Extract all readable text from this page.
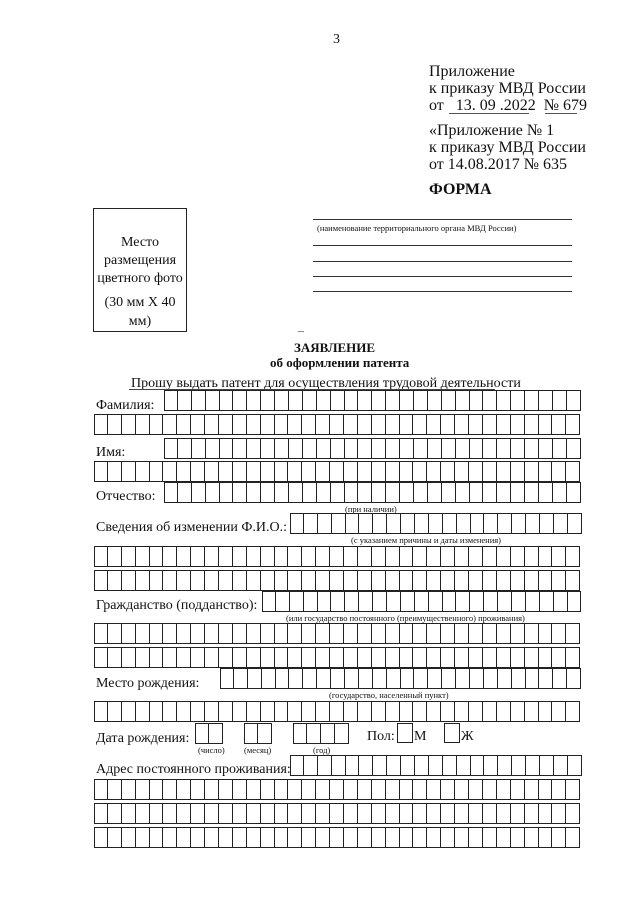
3
Приложение
к приказу МВД России
от 13. 09 .2022 № 679
«Приложение № 1
к приказу МВД России
от 14.08.2017 № 635
ФОРМА
Место
размещения
цветного фото
(30 мм Х 40 мм)
(наименование территориального органа МВД России)
ЗАЯВЛЕНИЕ
об оформлении патента
Прошу выдать патент для осуществления трудовой деятельности
Фамилия:
Имя:
Отчество:
(при наличии)
Сведения об изменении Ф.И.О.:
(с указанием причины и даты изменения)
Гражданство (подданство):
(или государство постоянного (преимущественного) проживания)
Место рождения:
(государство, населенный пункт)
Дата рождения:
(число) (месяц)	(год)
Пол: М Ж
Адрес постоянного проживания:
